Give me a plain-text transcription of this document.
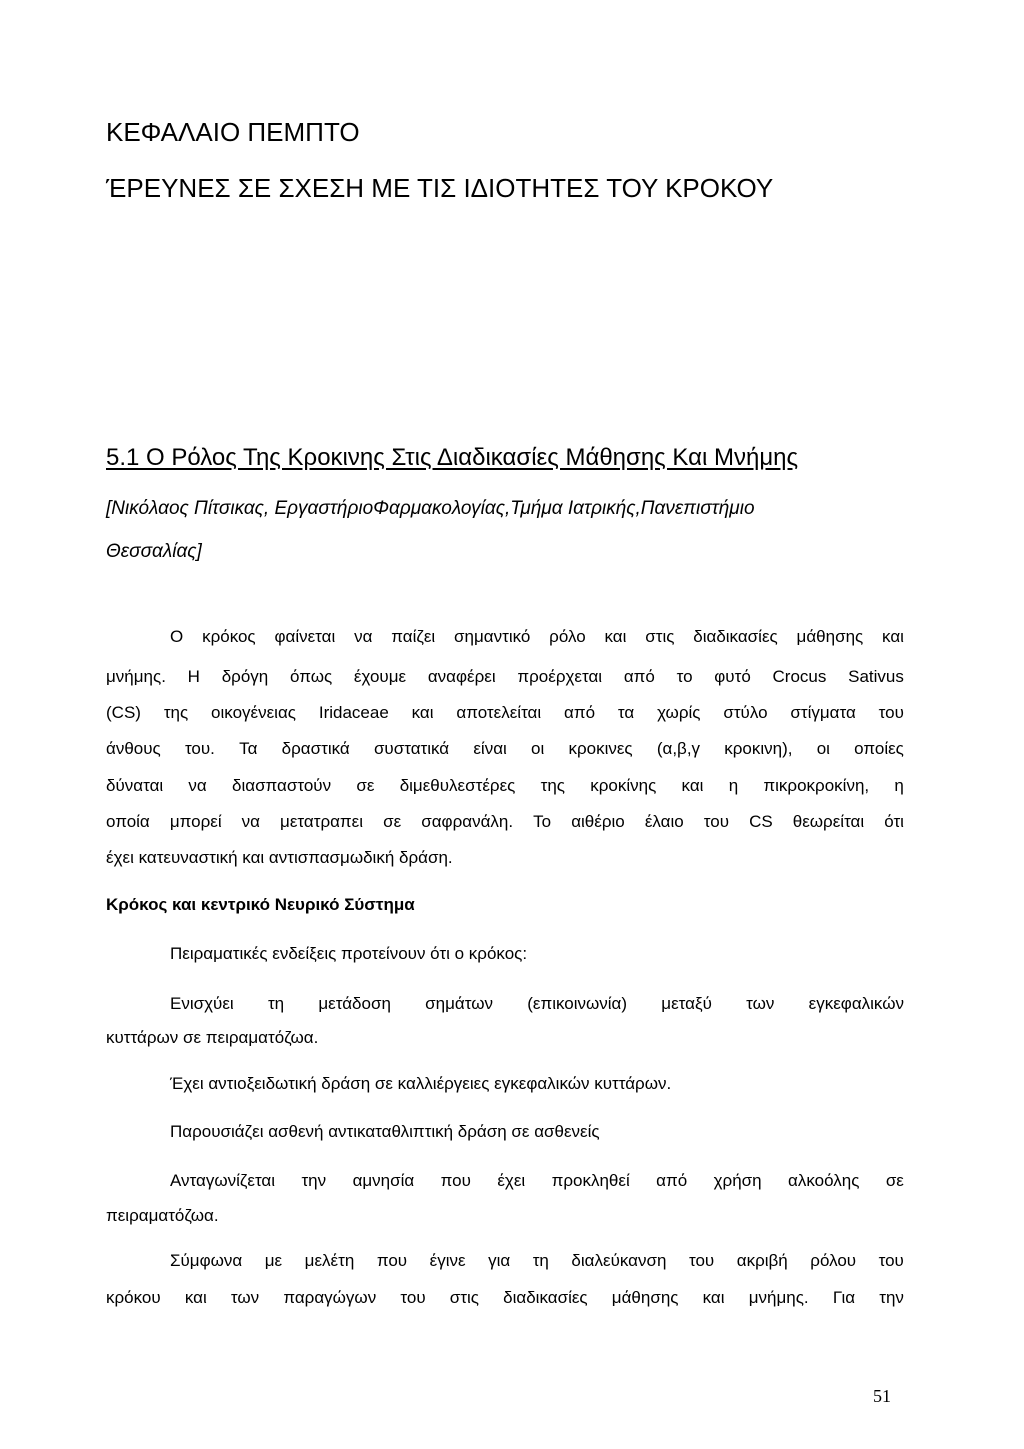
ΚΕΦΑΛΑΙΟ ΠΕΜΠΤΟ
ΈΡΕΥΝΕΣ ΣΕ ΣΧΕΣΗ ΜΕ ΤΙΣ ΙΔΙΟΤΗΤΕΣ ΤΟΥ ΚΡΟΚΟΥ
5.1 Ο Ρόλος Της Κροκινης Στις Διαδικασίες Μάθησης Και Μνήμης
[Νικόλαος Πίτσικας, ΕργαστήριοΦαρμακολογίας,Τμήμα Ιατρικής,Πανεπιστήμιο
Θεσσαλίας]
Ο κρόκος φαίνεται να παίζει σημαντικό ρόλο και στις διαδικασίες μάθησης και
μνήμης. Η δρόγη όπως έχουμε αναφέρει προέρχεται από το φυτό Crocus Sativus
(CS) της οικογένειας Iridaceae και αποτελείται από τα χωρίς στύλο στίγματα του
άνθους του. Τα δραστικά συστατικά είναι οι κροκινες (α,β,γ κροκινη), οι οποίες
δύναται να διασπαστούν σε διμεθυλεστέρες της κροκίνης και η πικροκροκίνη, η
οποία μπορεί να μετατραπει σε σαφρανάλη. Το αιθέριο έλαιο του CS θεωρείται ότι
έχει κατευναστική και αντισπασμωδική δράση.
Κρόκος και κεντρικό Νευρικό Σύστημα
Πειραματικές ενδείξεις προτείνουν ότι ο κρόκος:
Ενισχύει τη μετάδοση σημάτων (επικοινωνία) μεταξύ των εγκεφαλικών
κυττάρων σε πειραματόζωα.
Έχει αντιοξειδωτική δράση σε καλλιέργειες εγκεφαλικών κυττάρων.
Παρουσιάζει ασθενή αντικαταθλιπτική δράση σε ασθενείς
Ανταγωνίζεται την αμνησία που έχει προκληθεί από χρήση αλκοόλης σε
πειραματόζωα.
Σύμφωνα με μελέτη που έγινε για τη διαλεύκανση του ακριβή ρόλου του
κρόκου και των παραγώγων του στις διαδικασίες μάθησης και μνήμης. Για την
51
